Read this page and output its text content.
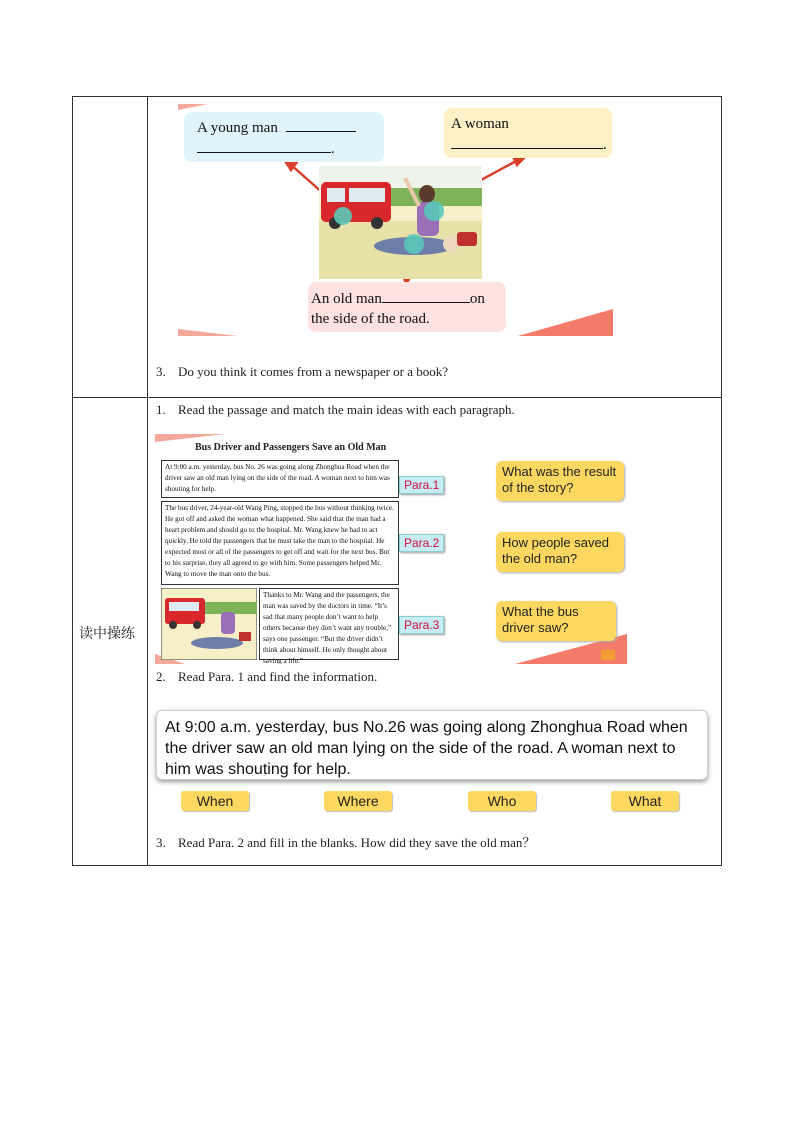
读中操练
A young man
.
A woman
.
An old man	on
the side of the road.
3. Do you think it comes from a newspaper or a book?
1. Read the passage and match the main ideas with each paragraph.
Bus Driver and Passengers Save an Old Man
At 9:00 a.m. yesterday, bus No. 26 was going along Zhonghua Road when the driver saw an old man lying on the side of the road. A woman next to him was shouting for help.
The bus driver, 24-year-old Wang Ping, stopped the bus without thinking twice. He got off and asked the woman what happened. She said that the man had a heart problem and should go to the hospital. Mr. Wang knew he had to act quickly. He told the passengers that he must take the man to the hospital. He expected most or all of the passengers to get off and wait for the next bus. But to his surprise, they all agreed to go with him. Some passengers helped Mr. Wang to move the man onto the bus.
Thanks to Mr. Wang and the passengers, the man was saved by the doctors in time. “It’s sad that many people don’t want to help others because they don’t want any trouble,” says one passenger. “But the driver didn’t think about himself. He only thought about saving a life.”
Para.1
Para.2
Para.3
What was the result of the story?
How people saved the old man?
What the bus driver saw?
2. Read Para. 1 and find the information.
At 9:00 a.m. yesterday, bus No.26 was going along Zhonghua Road when the driver saw an old man lying on the side of the road. A woman next to him was shouting for help.
When	Where	Who	What
3. Read Para. 2 and fill in the blanks. How did they save the old man？
